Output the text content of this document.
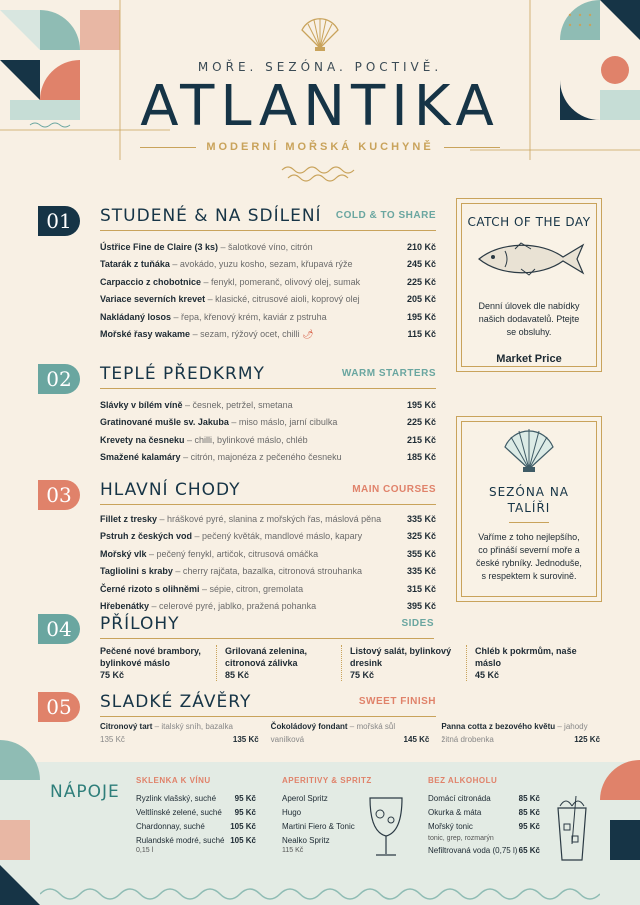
MOŘE. SEZÓNA. POCTIVĚ.
ATLANTIKA
MODERNÍ MOŘSKÁ KUCHYNĚ
01	STUDENÉ & NA SDÍLENÍ COLD & TO SHARE
Ústřice Fine de Claire (3 ks) – šalotkové víno, citrón	210 Kč
Tatarák z tuňáka – avokádo, yuzu kosho, sezam, křupavá rýže	245 Kč
Carpaccio z chobotnice – fenykl, pomeranč, olivový olej, sumak	225 Kč
Variace severních krevet – klasické, citrusové aioli, koprový olej	205 Kč
Nakládaný losos – řepa, křenový krém, kaviár z pstruha	195 Kč
Mořské řasy wakame – sezam, rýžový ocet, chilli 🌶︎	115 Kč
02	TEPLÉ PŘEDKRMY	WARM STARTERS
Slávky v bílém víně – česnek, petržel, smetana	195 Kč
Gratinované mušle sv. Jakuba – miso máslo, jarní cibulka	225 Kč
Krevety na česneku – chilli, bylinkové máslo, chléb	215 Kč
Smažené kalamáry – citrón, majonéza z pečeného česneku	185 Kč
03	HLAVNÍ CHODY	MAIN COURSES
Fillet z tresky – hráškové pyré, slanina z mořských řas, máslová pěna	335 Kč
Pstruh z českých vod – pečený květák, mandlové máslo, kapary	325 Kč
Mořský vlk – pečený fenykl, artičok, citrusová omáčka	355 Kč
Tagliolini s kraby – cherry rajčata, bazalka, citronová strouhanka	335 Kč
Černé rizoto s olihněmi – sépie, citron, gremolata	315 Kč
Hřebenátky – celerové pyré, jablko, pražená pohanka	395 Kč
CATCH OF THE DAY
Denní úlovek dle nabídky našich dodavatelů. Ptejte se obsluhy.
Market Price
SEZÓNA NA TALÍŘI
Vaříme z toho nejlepšího, co přináší severní moře a české rybníky. Jednoduše, s respektem k surovině.
04	PŘÍLOHY	SIDES
Pečené nové brambory, bylinkové máslo
75 Kč
Grilovaná zelenina, citronová zálivka
85 Kč
Listový salát, bylinkový dresink
75 Kč
Chléb k pokrmům, naše máslo
45 Kč
05	SLADKÉ ZÁVĚRY	SWEET FINISH
Citronový tart – italský sníh, bazalka
135 Kč	135 Kč
Čokoládový fondant – mořská sůl
vanilková	145 Kč
Panna cotta z bezového květu – jahody
žitná drobenka	125 Kč
NÁPOJE
SKLENKA K VÍNU
Ryzlink vlašský, suché 95 Kč
Veltlínské zelené, suché 95 Kč
Chardonnay, suché	105 Kč
Rulandské modré, suché 105 Kč
0,15 l
APERITIVY & SPRITZ
Aperol Spritz
Hugo
Martini Fiero & Tonic
Nealko Spritz
115 Kč
BEZ ALKOHOLU
Domácí citronáda	85 Kč
Okurka & máta	85 Kč
Mořský tonic	95 Kč
tonic, grep, rozmarýn
Nefiltrovaná voda (0,75 l) 65 Kč
